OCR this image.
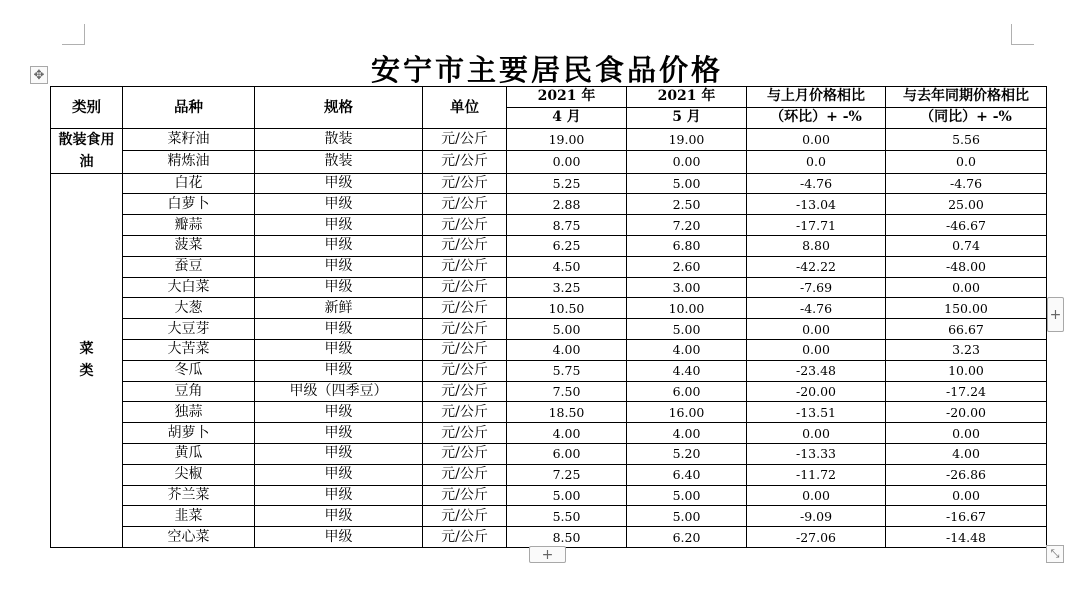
✥	安宁市主要居民食品价格
类别	品种	规格	单位	2021 年	2021 年	与上月价格相比	与去年同期价格相比
				4 月	5 月	（环比）+ -%	（同比）+ -%

散装食用
油	菜籽油	散装	元/公斤	19.00	19.00	0.00	5.56
	精炼油	散装	元/公斤	0.00	0.00	0.0	0.0

菜
类	白花	甲级	元/公斤	5.25	5.00	-4.76	-4.76
	白萝卜	甲级	元/公斤	2.88	2.50	-13.04	25.00
	瓣蒜	甲级	元/公斤	8.75	7.20	-17.71	-46.67
	菠菜	甲级	元/公斤	6.25	6.80	8.80	0.74
	蚕豆	甲级	元/公斤	4.50	2.60	-42.22	-48.00
	大白菜	甲级	元/公斤	3.25	3.00	-7.69	0.00
	大葱	新鲜	元/公斤	10.50	10.00	-4.76	150.00
	大豆芽	甲级	元/公斤	5.00	5.00	0.00	66.67
	大苦菜	甲级	元/公斤	4.00	4.00	0.00	3.23
	冬瓜	甲级	元/公斤	5.75	4.40	-23.48	10.00
	豆角	甲级（四季豆）	元/公斤	7.50	6.00	-20.00	-17.24
	独蒜	甲级	元/公斤	18.50	16.00	-13.51	-20.00
	胡萝卜	甲级	元/公斤	4.00	4.00	0.00	0.00
	黄瓜	甲级	元/公斤	6.00	5.20	-13.33	4.00
	尖椒	甲级	元/公斤	7.25	6.40	-11.72	-26.86
	芥兰菜	甲级	元/公斤	5.00	5.00	0.00	0.00
	韭菜	甲级	元/公斤	5.50	5.00	-9.09	-16.67
	空心菜	甲级	元/公斤	8.50	6.20	-27.06	-14.48
+
+	⤡
